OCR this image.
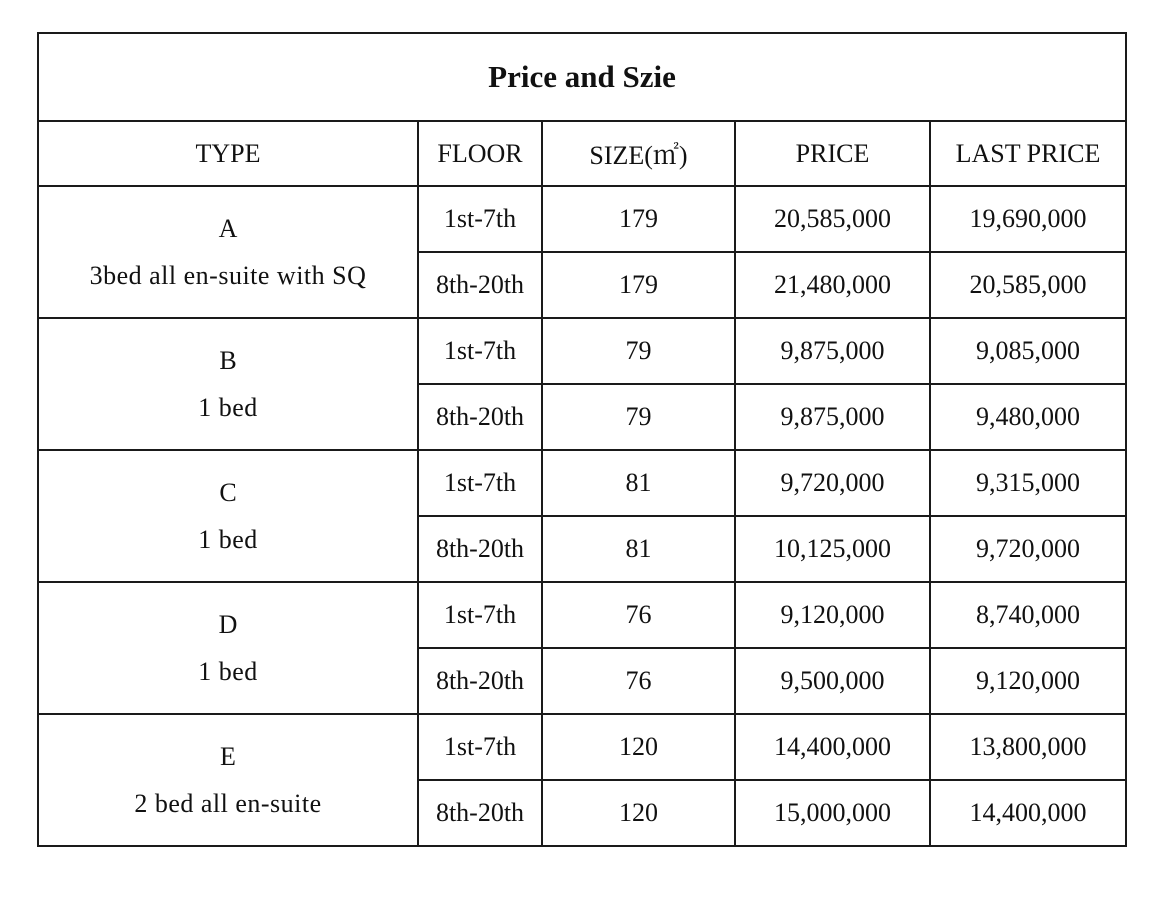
Price and Szie				
TYPE	FLOOR	SIZE(㎡)	PRICE	LAST PRICE

A
3bed all en-suite with SQ	1st-7th	179	20,585,000	19,690,000
	8th-20th	179	21,480,000	20,585,000

B
1 bed	1st-7th	79	9,875,000	9,085,000
	8th-20th	79	9,875,000	9,480,000

C
1 bed	1st-7th	81	9,720,000	9,315,000
	8th-20th	81	10,125,000	9,720,000

D
1 bed	1st-7th	76	9,120,000	8,740,000
	8th-20th	76	9,500,000	9,120,000

E
2 bed all en-suite	1st-7th	120	14,400,000	13,800,000
	8th-20th	120	15,000,000	14,400,000
